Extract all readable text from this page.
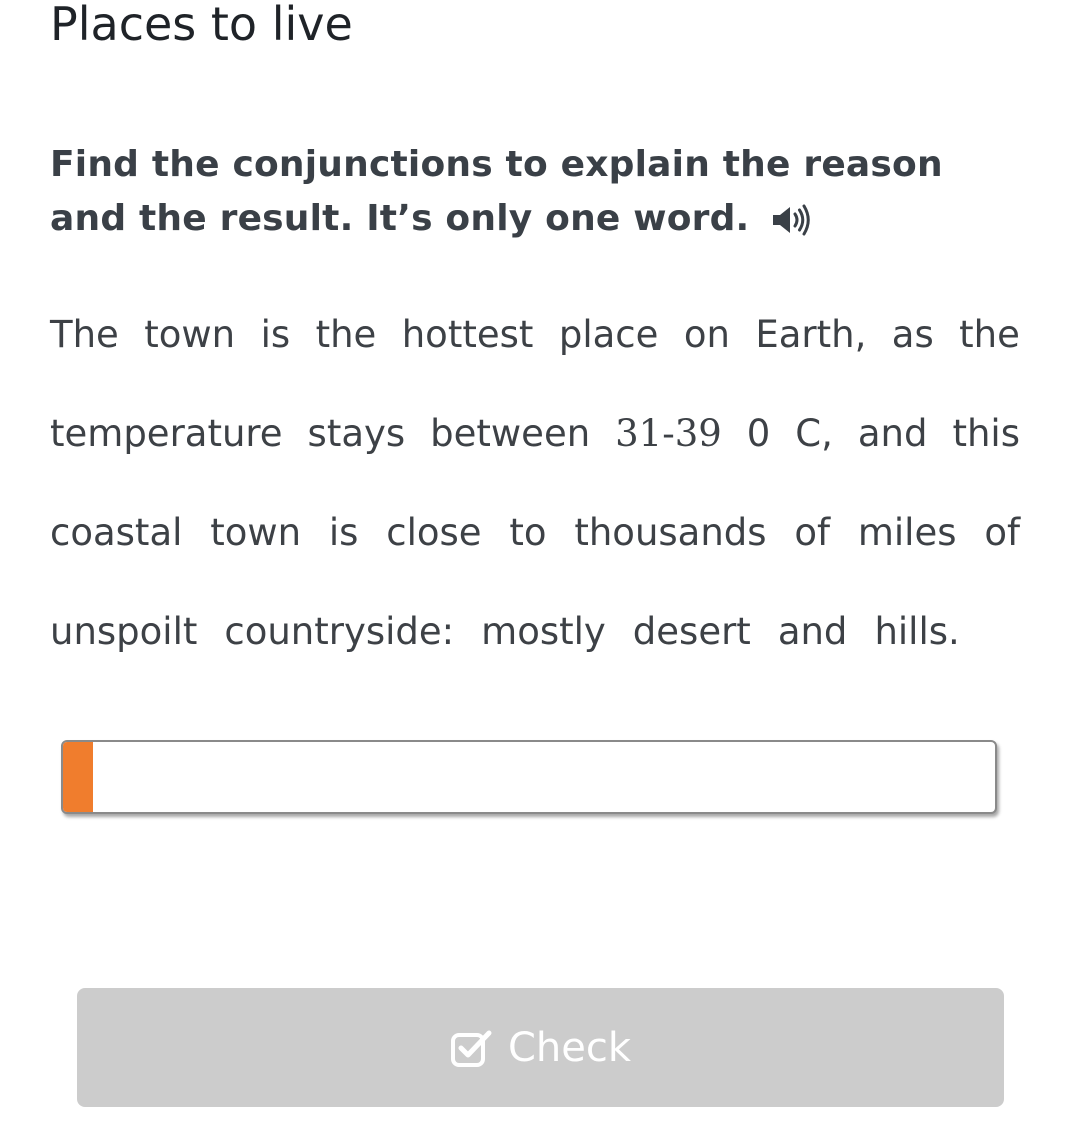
Places to live

Find the conjunctions to explain the reason and the result. It’s only one word.

The town is the hottest place on Earth, as the
temperature stays between 31-39 0 C, and this
coastal town is close to thousands of miles of
unspoilt countryside: mostly desert and hills.
Check
